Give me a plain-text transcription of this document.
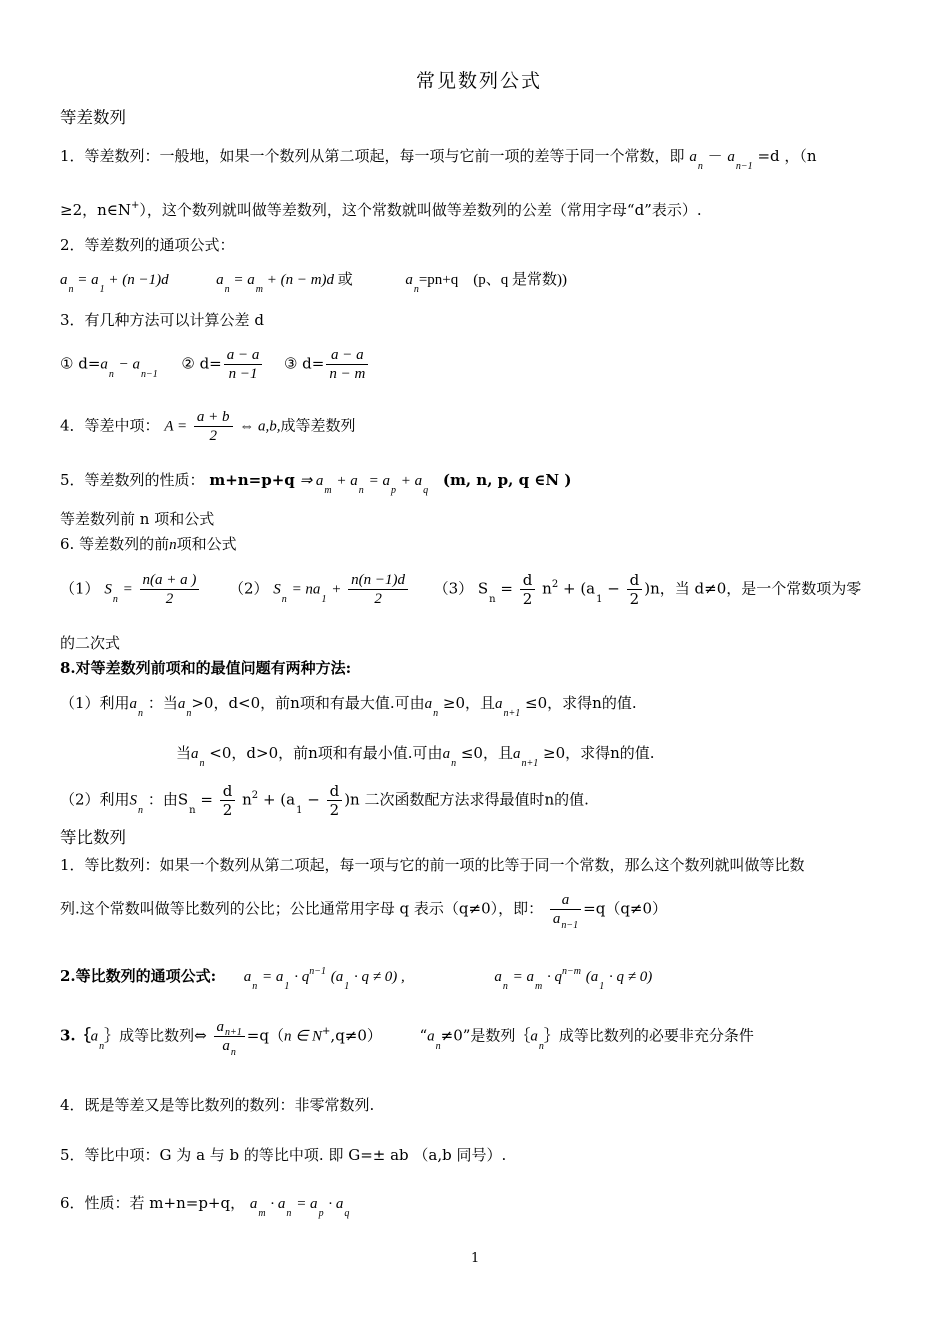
常见数列公式
等差数列
1．等差数列：一般地，如果一个数列从第二项起，每一项与它前一项的差等于同一个常数，即 $a_n - a_{n-1} =d$ ，（n
≥2，n∈N+），这个数列就叫做等差数列，这个常数就叫做等差数列的公差（常用字母“d”表示）.
2．等差数列的通项公式：
$a_n = a_1 + (n -1)d$	$a_n = a_m + (n - m)d$ 或	$a_n=pn+q$　(p、q 是常数))
3．有几种方法可以计算公差 d
① $d=a_n - a_{n-1}$  ② $d= \frac{a - a}{n -1}$ ③ $d= \frac{a - a}{n - m}$
4．等差中项： $A = \frac{a + b}{2}$ ⇔ a,b,成等差数列
5．等差数列的性质： m+n=p+q ⇒ $a_m + a_n = a_p + a_q$ (m, n, p, q ∈N )
等差数列前 n 项和公式
6. 等差数列的前n项和公式
（1） $S_n = \frac{n(a + a )}{2} (2) S_n = na_1 + \frac{n(n -1)d}{2} (3) S_n = \frac{d}{2} n^2 + (a_1 - \frac{d}{2} )n$，当 d≠0，是一个常数项为零
的二次式
8.对等差数列前项和的最值问题有两种方法:
（1）利用$a_n$ ：当$a_n>0$，d<0，前n项和有最大值.可由$a_n \ge 0$，且$a_{n+1} \le 0$，求得n的值.
当$a_n <0$，d>0，前n项和有最小值.可由$a_n \le 0$，且$a_{n+1} \ge 0$，求得n的值.
（2）利用$S_n$ ：由$S_n = \frac{d}{2} n^2 + (a_1 - \frac{d}{2} )n$ 二次函数配方法求得最值时n的值.
等比数列
1．等比数列：如果一个数列从第二项起，每一项与它的前一项的比等于同一个常数，那么这个数列就叫做等比数
列.这个常数叫做等比数列的公比；公比通常用字母 q 表示（q≠0），即： $\frac{a}{a_{n-1}} =q(q\ne 0)$
2.等比数列的通项公式: $a_n = a_1 \cdot q^{n-1}$ $(a_1 \cdot q \ne 0)$ ,	$a_n = a_m \cdot q^{n-m}$ $(a_1 \cdot q \ne 0)$
$3.\{a_n\}$成等比数列⇔ $\frac{a_{n+1}}{a_n} =q(n$ ∈ N+,q≠0）	“$a_n\ne 0$”是数列$\{a_n\}$成等比数列的必要非充分条件
4．既是等差又是等比数列的数列：非零常数列.
5．等比中项：G 为 a 与 b 的等比中项. 即 G=± ab （a,b 同号）.
6．性质：若 m+n=p+q， $a_m \cdot a_n = a_p \cdot a_q$
1
